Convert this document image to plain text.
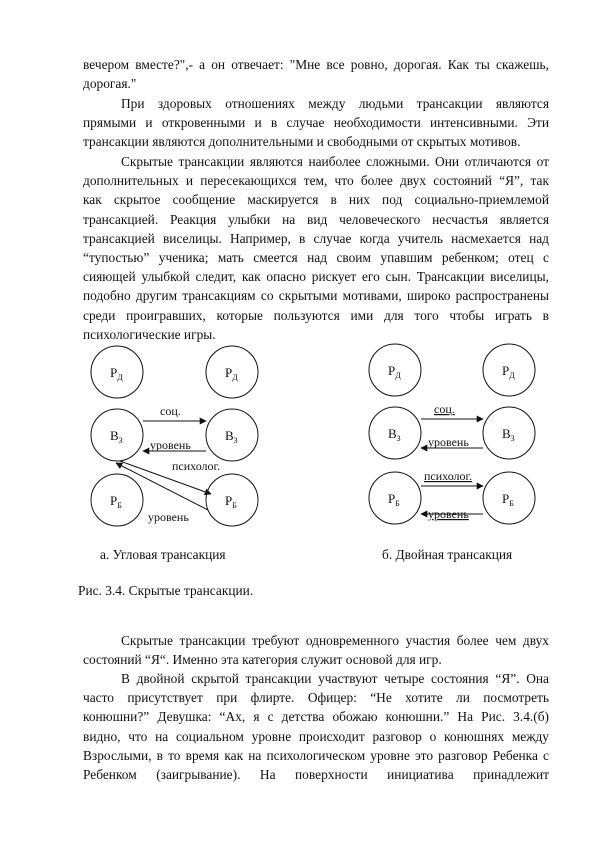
вечером вместе?",- а он отвечает: "Мне все ровно, дорогая. Как ты скажешь,
дорогая."
При здоровых отношениях между людьми трансакции являются
прямыми и откровенными и в случае необходимости интенсивными. Эти
трансакции являются дополнительными и свободными от скрытых мотивов.
Скрытые трансакции являются наиболее сложными. Они отличаются от
дополнительных и пересекающихся тем, что более двух состояний “Я”, так
как скрытое сообщение маскируется в них под социально-приемлемой
трансакцией. Реакция улыбки на вид человеческого несчастья является
трансакцией виселицы. Например, в случае когда учитель насмехается над
“тупостью” ученика; мать смеется над своим упавшим ребенком; отец с
сияющей улыбкой следит, как опасно рискует его сын. Трансакции виселицы,
подобно другим трансакциям со скрытыми мотивами, широко распространены
среди проигравших, которые пользуются ими для того чтобы играть в
психологические игры.
$Р_Д$	$Р_Д$
$В_З$	$В_З$
$Р_Б$	$Р_Б$
соц.
уровень
психолог.
уровень
$Р_Д$	$Р_Д$
$В_З$	$В_З$
$Р_Б$	$Р_Б$
соц.
уровень
психолог.
уровень
а. Угловая трансакция	б. Двойная трансакция
Рис. 3.4. Скрытые трансакции.
Скрытые трансакции требуют одновременного участия более чем двух
состояний “Я“. Именно эта категория служит основой для игр.
В двойной скрытой трансакции участвуют четыре состояния “Я”. Она
часто присутствует при флирте. Офицер: “Не хотите ли посмотреть
конюшни?” Девушка: “Ах, я с детства обожаю конюшни.” На Рис. 3.4.(б)
видно, что на социальном уровне происходит разговор о конюшнях между
Взрослыми, в то время как на психологическом уровне это разговор Ребенка с
Ребенком (заигрывание). На поверхности инициатива принадлежит
